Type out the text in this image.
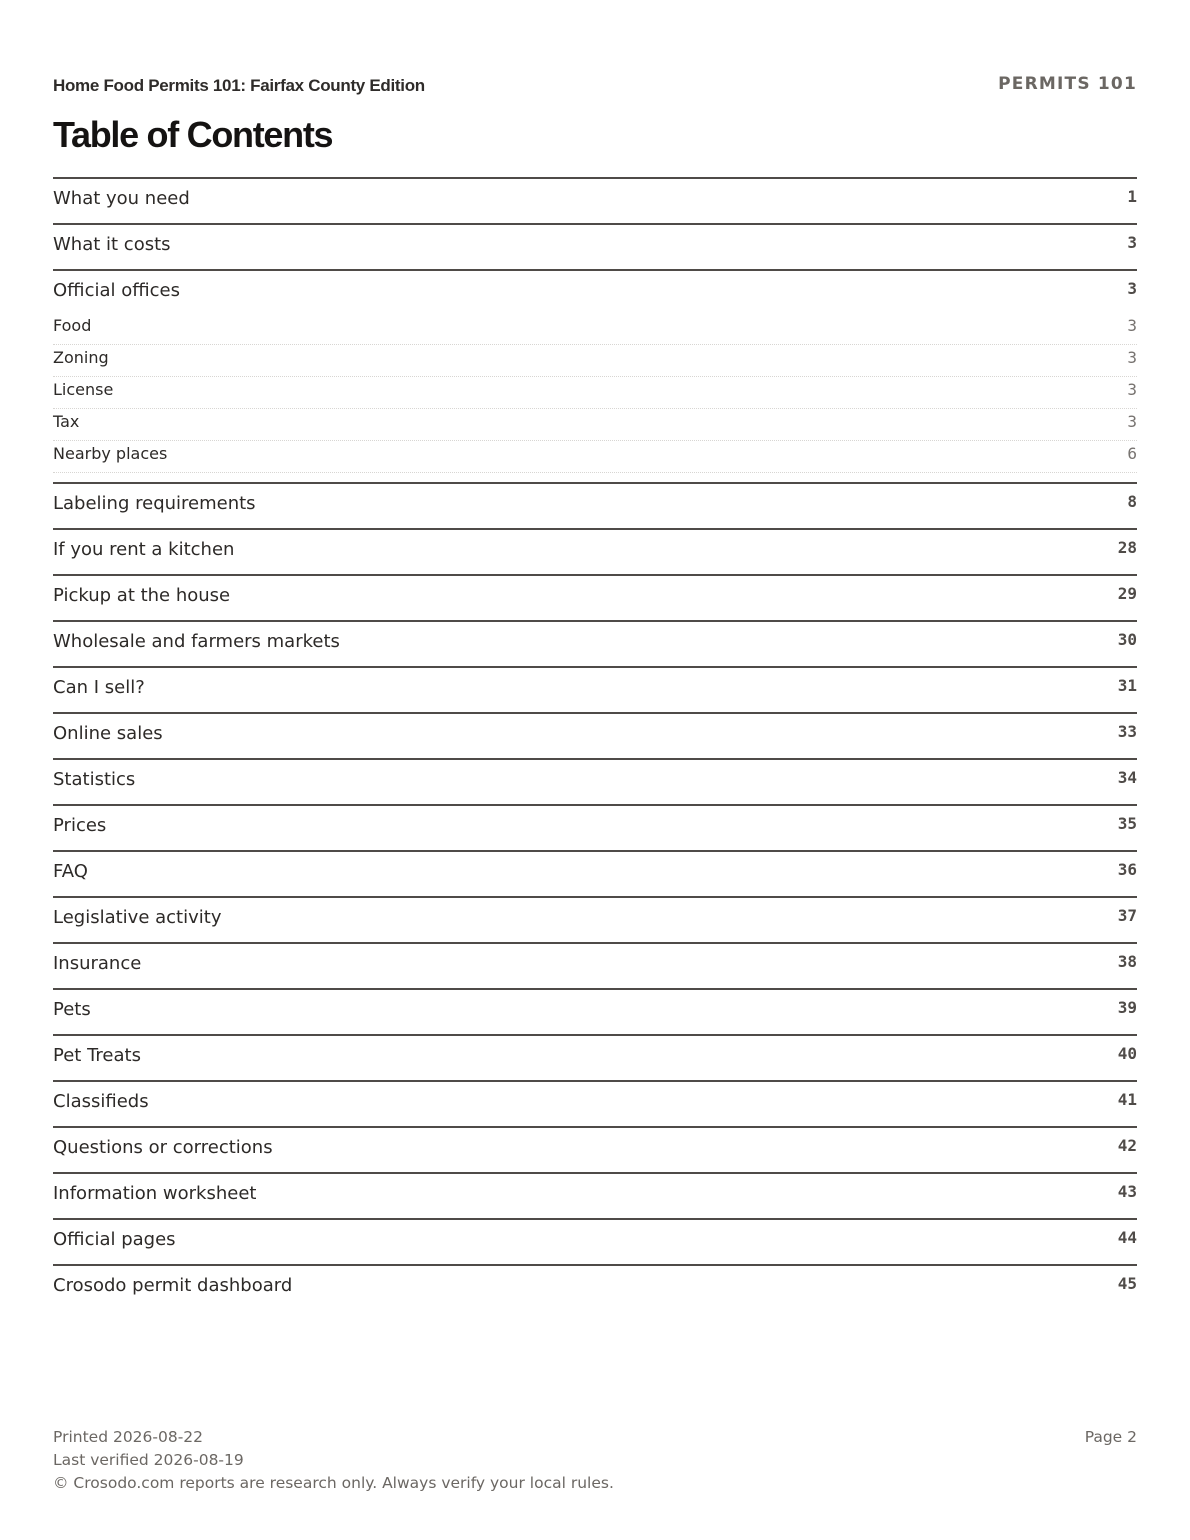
Home Food Permits 101: Fairfax County Edition	PERMITS 101
Table of Contents
What you need	1
What it costs	3
Official offices	3
Food	3
Zoning	3
License	3
Tax	3
Nearby places	6
Labeling requirements	8
If you rent a kitchen	28
Pickup at the house	29
Wholesale and farmers markets	30
Can I sell?	31
Online sales	33
Statistics	34
Prices	35
FAQ	36
Legislative activity	37
Insurance	38
Pets	39
Pet Treats	40
Classifieds	41
Questions or corrections	42
Information worksheet	43
Official pages	44
Crosodo permit dashboard	45
Printed 2026-08-22
Last verified 2026-08-19
© Crosodo.com reports are research only. Always verify your local rules.
Page 2
